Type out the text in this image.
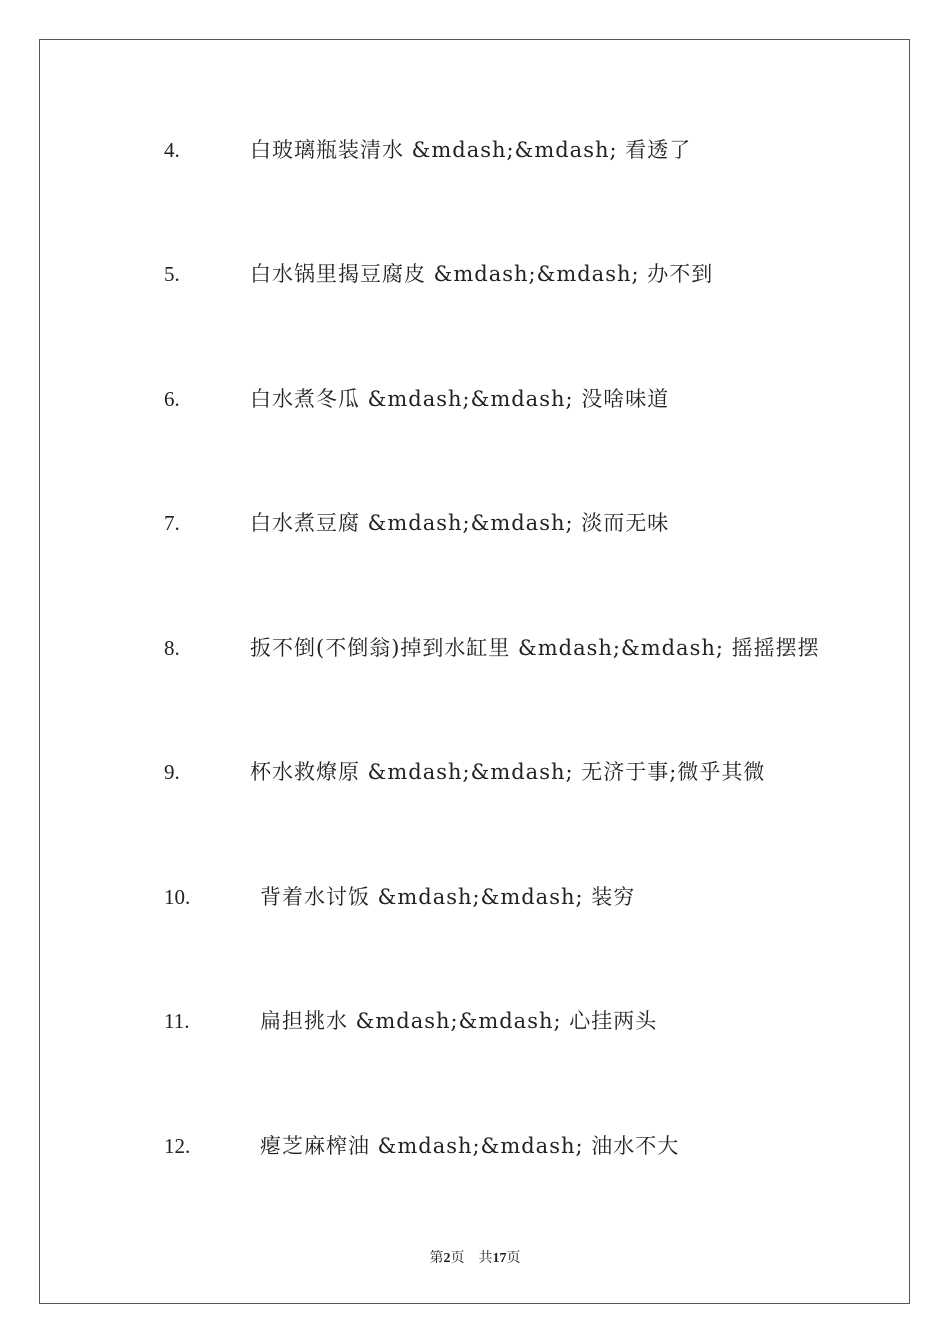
4.	白玻璃瓶装清水 &mdash;&mdash; 看透了
5.	白水锅里揭豆腐皮 &mdash;&mdash; 办不到
6.	白水煮冬瓜 &mdash;&mdash; 没啥味道
7.	白水煮豆腐 &mdash;&mdash; 淡而无味
8.	扳不倒(不倒翁)掉到水缸里 &mdash;&mdash; 摇摇摆摆
9.	杯水救燎原 &mdash;&mdash; 无济于事;微乎其微
10.	背着水讨饭 &mdash;&mdash; 装穷
11.	扁担挑水 &mdash;&mdash; 心挂两头
12.	瘪芝麻榨油 &mdash;&mdash; 油水不大
第2页　共17页
